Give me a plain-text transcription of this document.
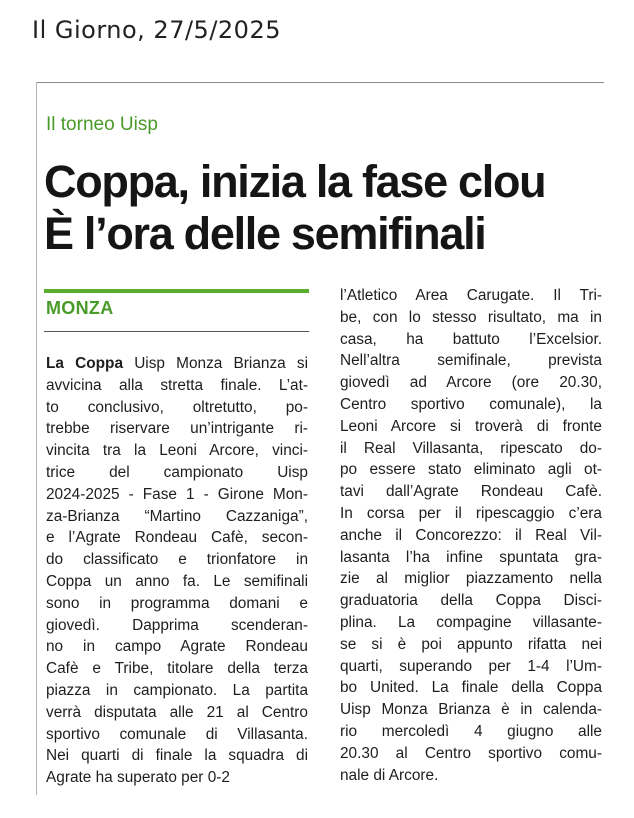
Il Giorno, 27/5/2025
Il torneo Uisp
Coppa, inizia la fase clou
È l’ora delle semifinali
MONZA
La Coppa Uisp Monza Brianza si
avvicina alla stretta finale. L’at-
to conclusivo, oltretutto, po-
trebbe riservare un’intrigante ri-
vincita tra la Leoni Arcore, vinci-
trice del campionato Uisp
2024-2025 - Fase 1 - Girone Mon-
za-Brianza “Martino Cazzaniga”,
e l’Agrate Rondeau Cafè, secon-
do classificato e trionfatore in
Coppa un anno fa. Le semifinali
sono in programma domani e
giovedì. Dapprima scenderan-
no in campo Agrate Rondeau
Cafè e Tribe, titolare della terza
piazza in campionato. La partita
verrà disputata alle 21 al Centro
sportivo comunale di Villasanta.
Nei quarti di finale la squadra di
Agrate ha superato per 0-2
l’Atletico Area Carugate. Il Tri-
be, con lo stesso risultato, ma in
casa, ha battuto l’Excelsior.
Nell’altra semifinale, prevista
giovedì ad Arcore (ore 20.30,
Centro sportivo comunale), la
Leoni Arcore si troverà di fronte
il Real Villasanta, ripescato do-
po essere stato eliminato agli ot-
tavi dall’Agrate Rondeau Cafè.
In corsa per il ripescaggio c’era
anche il Concorezzo: il Real Vil-
lasanta l’ha infine spuntata gra-
zie al miglior piazzamento nella
graduatoria della Coppa Disci-
plina. La compagine villasante-
se si è poi appunto rifatta nei
quarti, superando per 1-4 l’Um-
bo United. La finale della Coppa
Uisp Monza Brianza è in calenda-
rio mercoledì 4 giugno alle
20.30 al Centro sportivo comu-
nale di Arcore.
